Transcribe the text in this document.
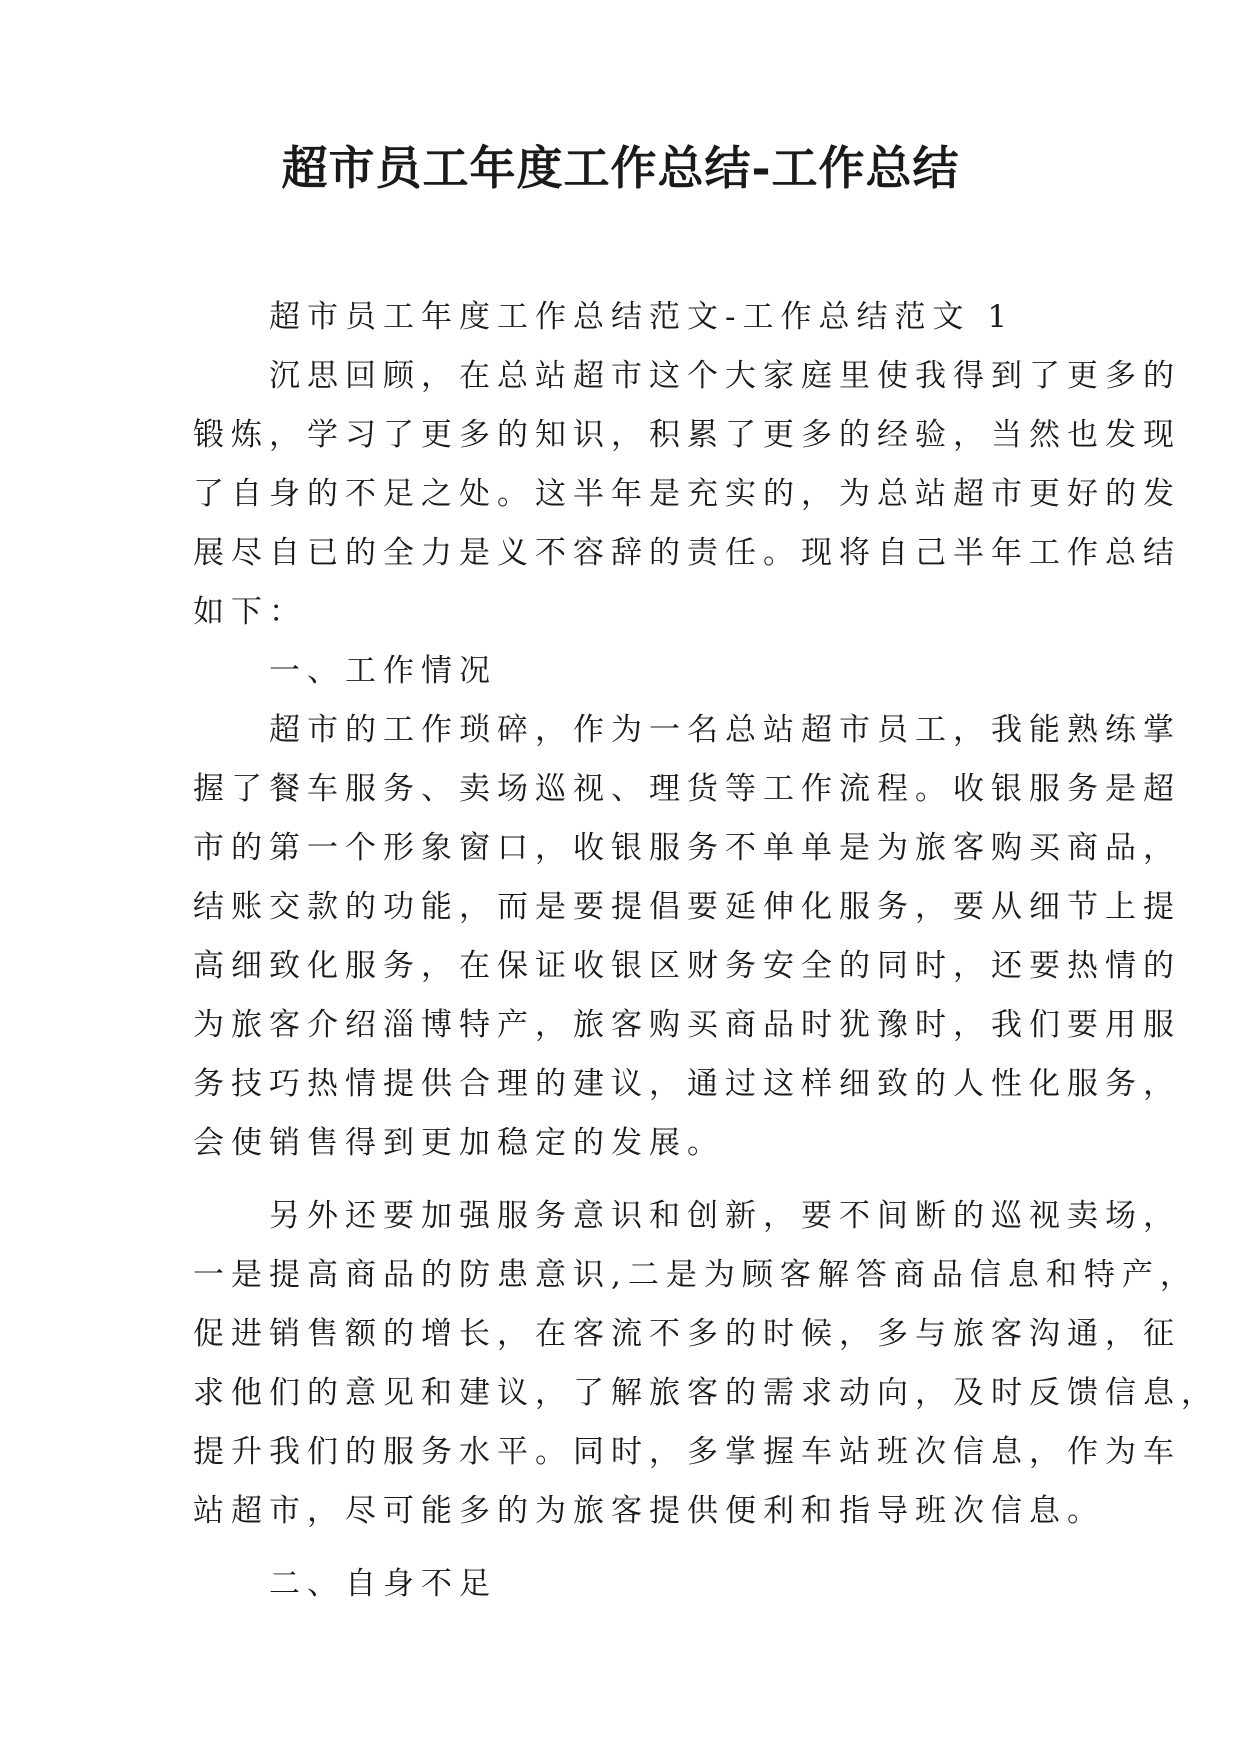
超市员工年度工作总结-工作总结

　　超市员工年度工作总结范文-工作总结范文 1

　　沉思回顾，在总站超市这个大家庭里使我得到了更多的

锻炼，学习了更多的知识，积累了更多的经验，当然也发现

了自身的不足之处。这半年是充实的，为总站超市更好的发

展尽自已的全力是义不容辞的责任。现将自己半年工作总结

如下：

　　一、工作情况

　　超市的工作琐碎，作为一名总站超市员工，我能熟练掌

握了餐车服务、卖场巡视、理货等工作流程。收银服务是超

市的第一个形象窗口，收银服务不单单是为旅客购买商品，

结账交款的功能，而是要提倡要延伸化服务，要从细节上提

高细致化服务，在保证收银区财务安全的同时，还要热情的

为旅客介绍淄博特产，旅客购买商品时犹豫时，我们要用服

务技巧热情提供合理的建议，通过这样细致的人性化服务，

会使销售得到更加稳定的发展。

　　另外还要加强服务意识和创新，要不间断的巡视卖场，

一是提高商品的防患意识,二是为顾客解答商品信息和特产，

促进销售额的增长，在客流不多的时候，多与旅客沟通，征

求他们的意见和建议，了解旅客的需求动向，及时反馈信息，

提升我们的服务水平。同时，多掌握车站班次信息，作为车

站超市，尽可能多的为旅客提供便利和指导班次信息。

　　二、自身不足
